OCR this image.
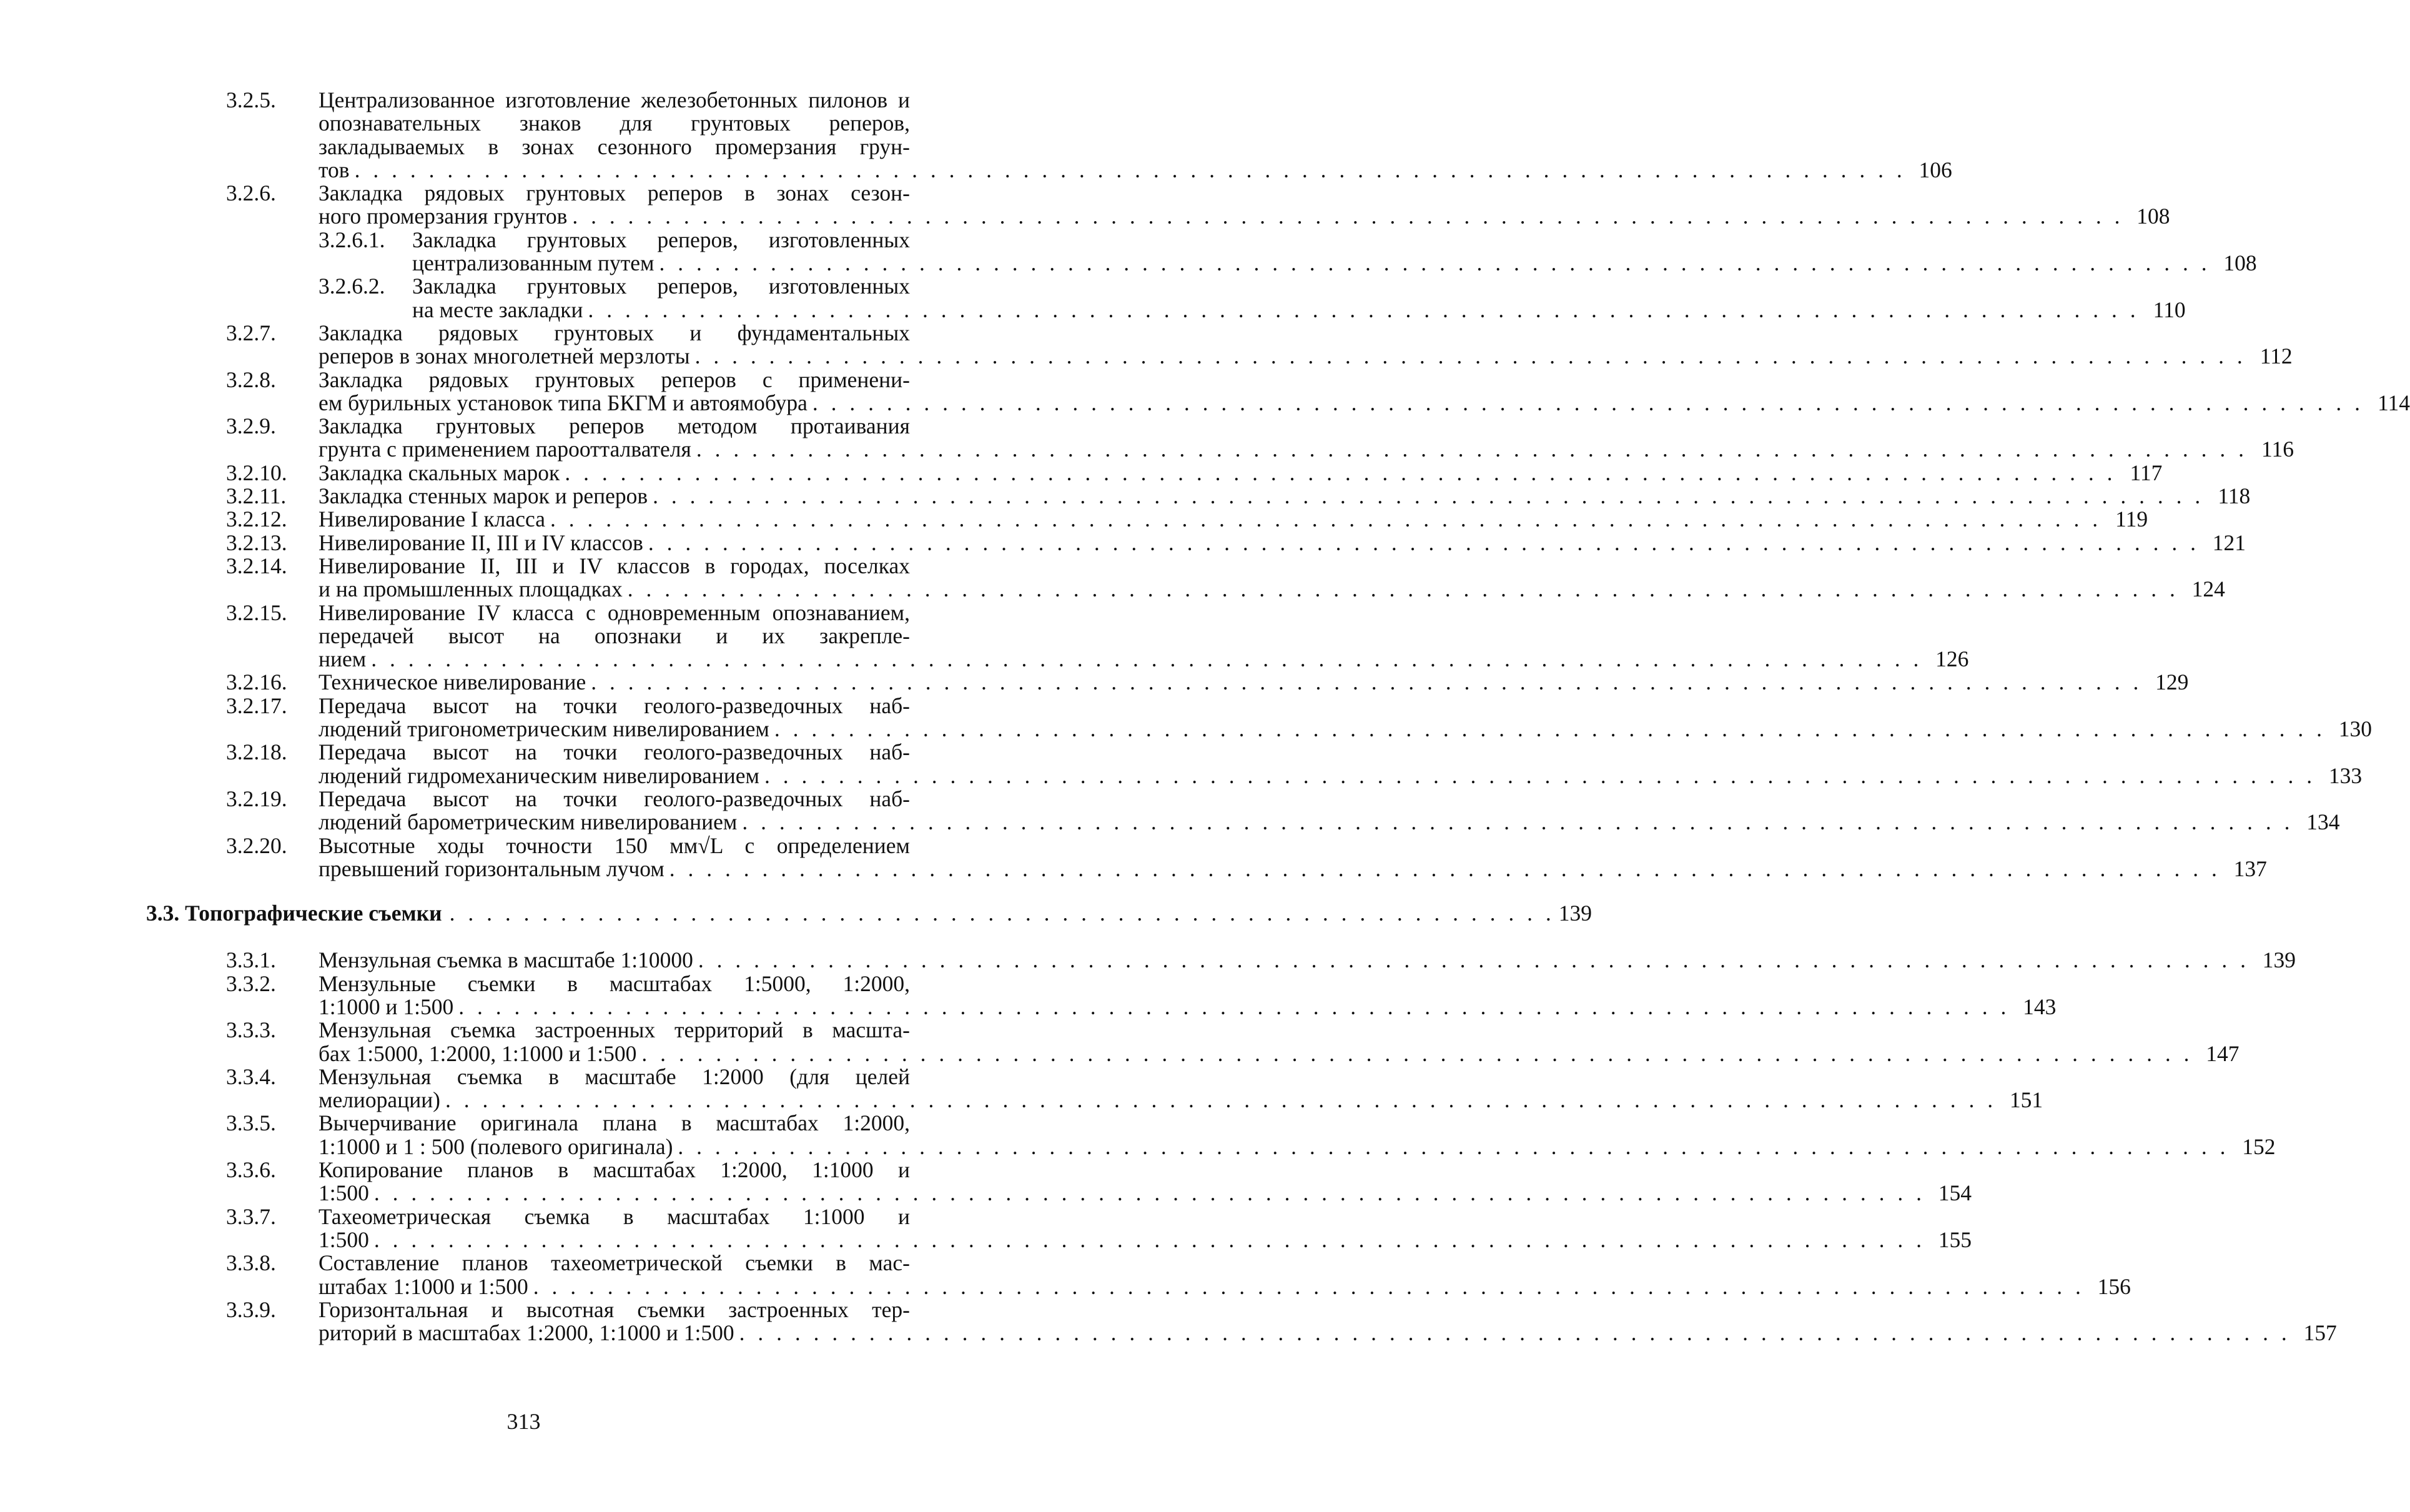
3.2.5.	Централизованное изготовление железобетонных пилонов и опознавательных знаков для грунтовых реперов, закладываемых в зонах сезонного промерзания грун-
тов . . . . . . . . . . . . . . . . . . . . . . . . . . . . . . . . . . . . . . . . . . . . . . . . . . . . . . . . . . . . . . . . . . . . . . . . . . . . . . . . . . . . 106
3.2.6.	Закладка рядовых грунтовых реперов в зонах сезон-
ного промерзания грунтов . . . . . . . . . . . . . . . . . . . . . . . . . . . . . . . . . . . . . . . . . . . . . . . . . . . . . . . . . . . . . . . . . . . . . . . . . . . . . . . . . . . . 108
3.2.6.1.	Закладка грунтовых реперов, изготовленных
централизованным путем . . . . . . . . . . . . . . . . . . . . . . . . . . . . . . . . . . . . . . . . . . . . . . . . . . . . . . . . . . . . . . . . . . . . . . . . . . . . . . . . . . . . 108
3.2.6.2.	Закладка грунтовых реперов, изготовленных
на месте закладки . . . . . . . . . . . . . . . . . . . . . . . . . . . . . . . . . . . . . . . . . . . . . . . . . . . . . . . . . . . . . . . . . . . . . . . . . . . . . . . . . . . . 110
3.2.7.	Закладка рядовых грунтовых и фундаментальных
реперов в зонах многолетней мерзлоты . . . . . . . . . . . . . . . . . . . . . . . . . . . . . . . . . . . . . . . . . . . . . . . . . . . . . . . . . . . . . . . . . . . . . . . . . . . . . . . . . . . . 112
3.2.8.	Закладка рядовых грунтовых реперов с применени-
ем бурильных установок типа БКГМ и автоямобура . . . . . . . . . . . . . . . . . . . . . . . . . . . . . . . . . . . . . . . . . . . . . . . . . . . . . . . . . . . . . . . . . . . . . . . . . . . . . . . . . . . . 114
3.2.9.	Закладка грунтовых реперов методом протаивания
грунта с применением пароотталвателя . . . . . . . . . . . . . . . . . . . . . . . . . . . . . . . . . . . . . . . . . . . . . . . . . . . . . . . . . . . . . . . . . . . . . . . . . . . . . . . . . . . . 116
3.2.10.	Закладка скальных марок . . . . . . . . . . . . . . . . . . . . . . . . . . . . . . . . . . . . . . . . . . . . . . . . . . . . . . . . . . . . . . . . . . . . . . . . . . . . . . . . . . . . 117
3.2.11.	Закладка стенных марок и реперов . . . . . . . . . . . . . . . . . . . . . . . . . . . . . . . . . . . . . . . . . . . . . . . . . . . . . . . . . . . . . . . . . . . . . . . . . . . . . . . . . . . . 118
3.2.12.	Нивелирование I класса . . . . . . . . . . . . . . . . . . . . . . . . . . . . . . . . . . . . . . . . . . . . . . . . . . . . . . . . . . . . . . . . . . . . . . . . . . . . . . . . . . . . 119
3.2.13.	Нивелирование II, III и IV классов . . . . . . . . . . . . . . . . . . . . . . . . . . . . . . . . . . . . . . . . . . . . . . . . . . . . . . . . . . . . . . . . . . . . . . . . . . . . . . . . . . . . 121
3.2.14.	Нивелирование II, III и IV классов в городах, поселках
и на промышленных площадках . . . . . . . . . . . . . . . . . . . . . . . . . . . . . . . . . . . . . . . . . . . . . . . . . . . . . . . . . . . . . . . . . . . . . . . . . . . . . . . . . . . . 124
3.2.15.	Нивелирование IV класса с одновременным опознаванием, передачей высот на опознаки и их закрепле-
нием . . . . . . . . . . . . . . . . . . . . . . . . . . . . . . . . . . . . . . . . . . . . . . . . . . . . . . . . . . . . . . . . . . . . . . . . . . . . . . . . . . . . 126
3.2.16.	Техническое нивелирование . . . . . . . . . . . . . . . . . . . . . . . . . . . . . . . . . . . . . . . . . . . . . . . . . . . . . . . . . . . . . . . . . . . . . . . . . . . . . . . . . . . . 129
3.2.17.	Передача высот на точки геолого-разведочных наб-
людений тригонометрическим нивелированием . . . . . . . . . . . . . . . . . . . . . . . . . . . . . . . . . . . . . . . . . . . . . . . . . . . . . . . . . . . . . . . . . . . . . . . . . . . . . . . . . . . . 130
3.2.18.	Передача высот на точки геолого-разведочных наб-
людений гидромеханическим нивелированием . . . . . . . . . . . . . . . . . . . . . . . . . . . . . . . . . . . . . . . . . . . . . . . . . . . . . . . . . . . . . . . . . . . . . . . . . . . . . . . . . . . . 133
3.2.19.	Передача высот на точки геолого-разведочных наб-
людений барометрическим нивелированием . . . . . . . . . . . . . . . . . . . . . . . . . . . . . . . . . . . . . . . . . . . . . . . . . . . . . . . . . . . . . . . . . . . . . . . . . . . . . . . . . . . . 134
3.2.20.	Высотные ходы точности 150 мм√L с определением
превышений горизонтальным лучом . . . . . . . . . . . . . . . . . . . . . . . . . . . . . . . . . . . . . . . . . . . . . . . . . . . . . . . . . . . . . . . . . . . . . . . . . . . . . . . . . . . . 137
3.3. Топографические съемки . . . . . . . . . . . . . . . . . . . . . . . . . . . . . . . . . . . . . . . . . . . . . . . . . . . . . . . . . . . . 139
3.3.1.	Мензульная съемка в масштабе 1:10000 . . . . . . . . . . . . . . . . . . . . . . . . . . . . . . . . . . . . . . . . . . . . . . . . . . . . . . . . . . . . . . . . . . . . . . . . . . . . . . . . . . . . 139
3.3.2.	Мензульные съемки в масштабах 1:5000, 1:2000,
1:1000 и 1:500 . . . . . . . . . . . . . . . . . . . . . . . . . . . . . . . . . . . . . . . . . . . . . . . . . . . . . . . . . . . . . . . . . . . . . . . . . . . . . . . . . . . . 143
3.3.3.	Мензульная съемка застроенных территорий в масшта-
бах 1:5000, 1:2000, 1:1000 и 1:500 . . . . . . . . . . . . . . . . . . . . . . . . . . . . . . . . . . . . . . . . . . . . . . . . . . . . . . . . . . . . . . . . . . . . . . . . . . . . . . . . . . . . 147
3.3.4.	Мензульная съемка в масштабе 1:2000 (для целей
мелиорации) . . . . . . . . . . . . . . . . . . . . . . . . . . . . . . . . . . . . . . . . . . . . . . . . . . . . . . . . . . . . . . . . . . . . . . . . . . . . . . . . . . . . 151
3.3.5.	Вычерчивание оригинала плана в масштабах 1:2000,
1:1000 и 1 : 500 (полевого оригинала) . . . . . . . . . . . . . . . . . . . . . . . . . . . . . . . . . . . . . . . . . . . . . . . . . . . . . . . . . . . . . . . . . . . . . . . . . . . . . . . . . . . . 152
3.3.6.	Копирование планов в масштабах 1:2000, 1:1000 и
1:500 . . . . . . . . . . . . . . . . . . . . . . . . . . . . . . . . . . . . . . . . . . . . . . . . . . . . . . . . . . . . . . . . . . . . . . . . . . . . . . . . . . . . 154
3.3.7.	Тахеометрическая съемка в масштабах 1:1000 и
1:500 . . . . . . . . . . . . . . . . . . . . . . . . . . . . . . . . . . . . . . . . . . . . . . . . . . . . . . . . . . . . . . . . . . . . . . . . . . . . . . . . . . . . 155
3.3.8.	Составление планов тахеометрической съемки в мас-
штабах 1:1000 и 1:500 . . . . . . . . . . . . . . . . . . . . . . . . . . . . . . . . . . . . . . . . . . . . . . . . . . . . . . . . . . . . . . . . . . . . . . . . . . . . . . . . . . . . 156
3.3.9.	Горизонтальная и высотная съемки застроенных тер-
риторий в масштабах 1:2000, 1:1000 и 1:500 . . . . . . . . . . . . . . . . . . . . . . . . . . . . . . . . . . . . . . . . . . . . . . . . . . . . . . . . . . . . . . . . . . . . . . . . . . . . . . . . . . . . 157
313
